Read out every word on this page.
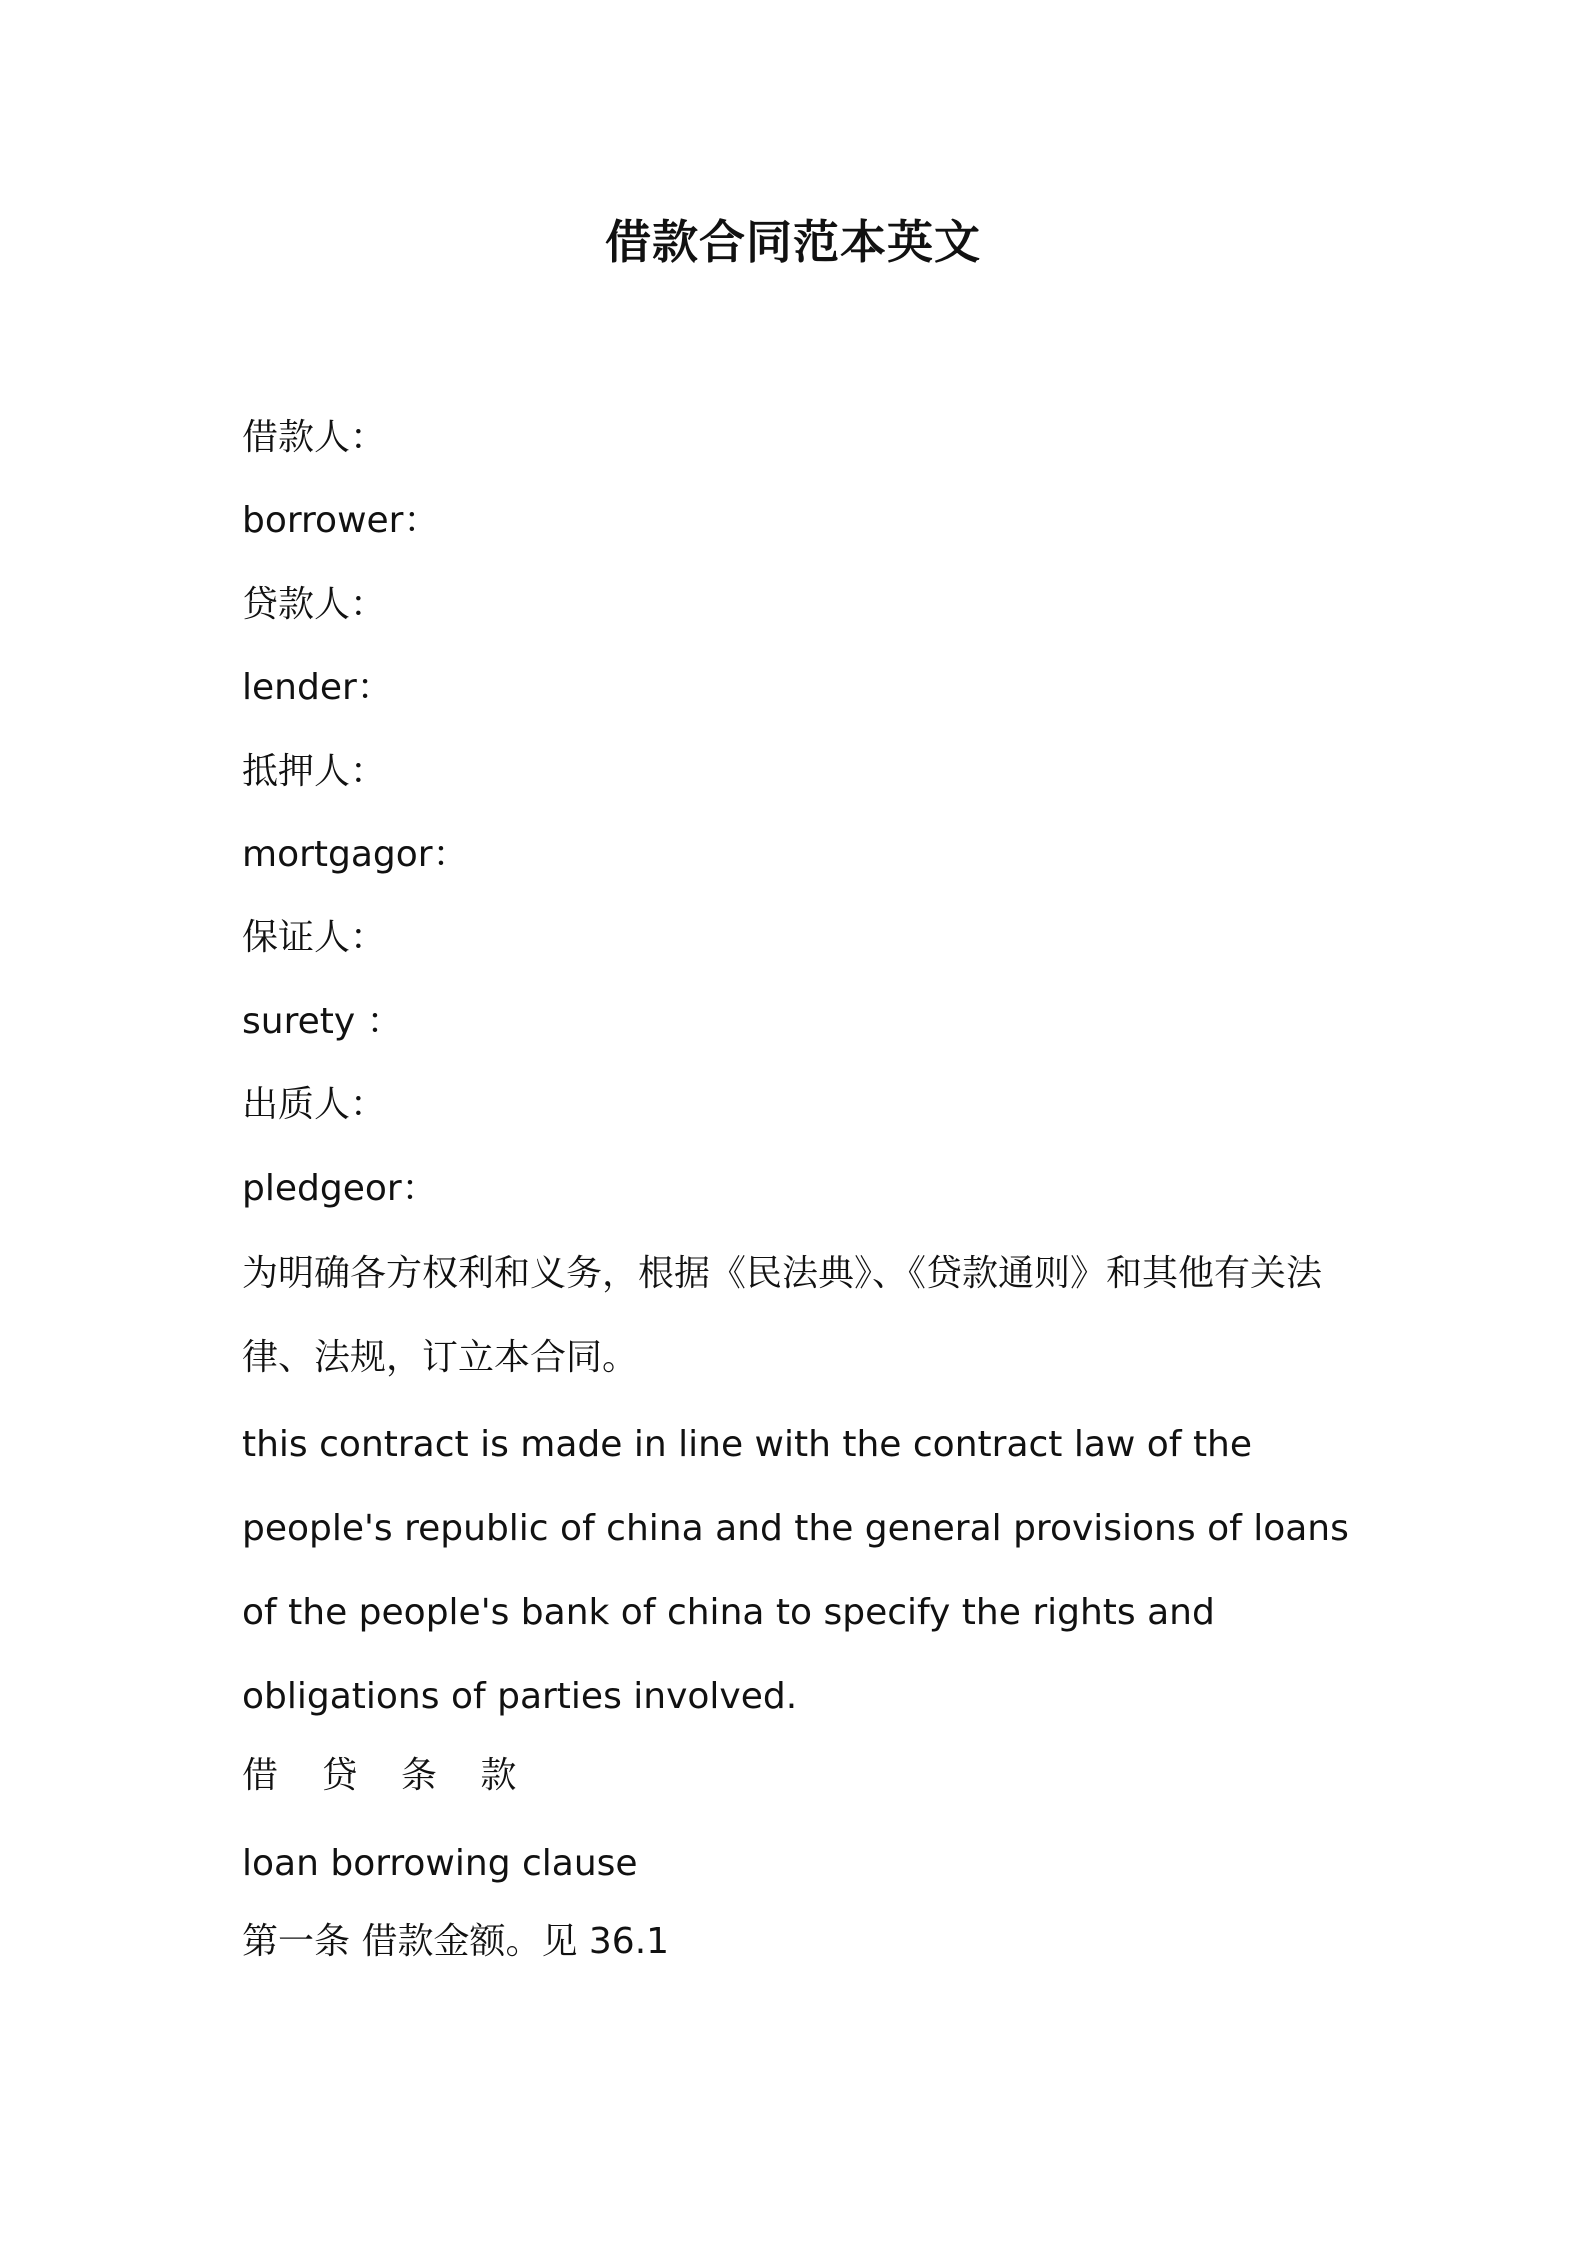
借款合同范本英文
借款人：
borrower：
贷款人：
lender：
抵押人：
mortgagor：
保证人：
surety ：
出质人：
pledgeor：
为明确各方权利和义务，根据《民法典》、《贷款通则》和其他有关法律、法规，订立本合同。
this contract is made in line with the contract law of the people's republic of china and the general provisions of loans of the people's bank of china to specify the rights and obligations of parties involved.
借 贷 条 款
loan borrowing clause
第一条 借款金额。见 36.1
